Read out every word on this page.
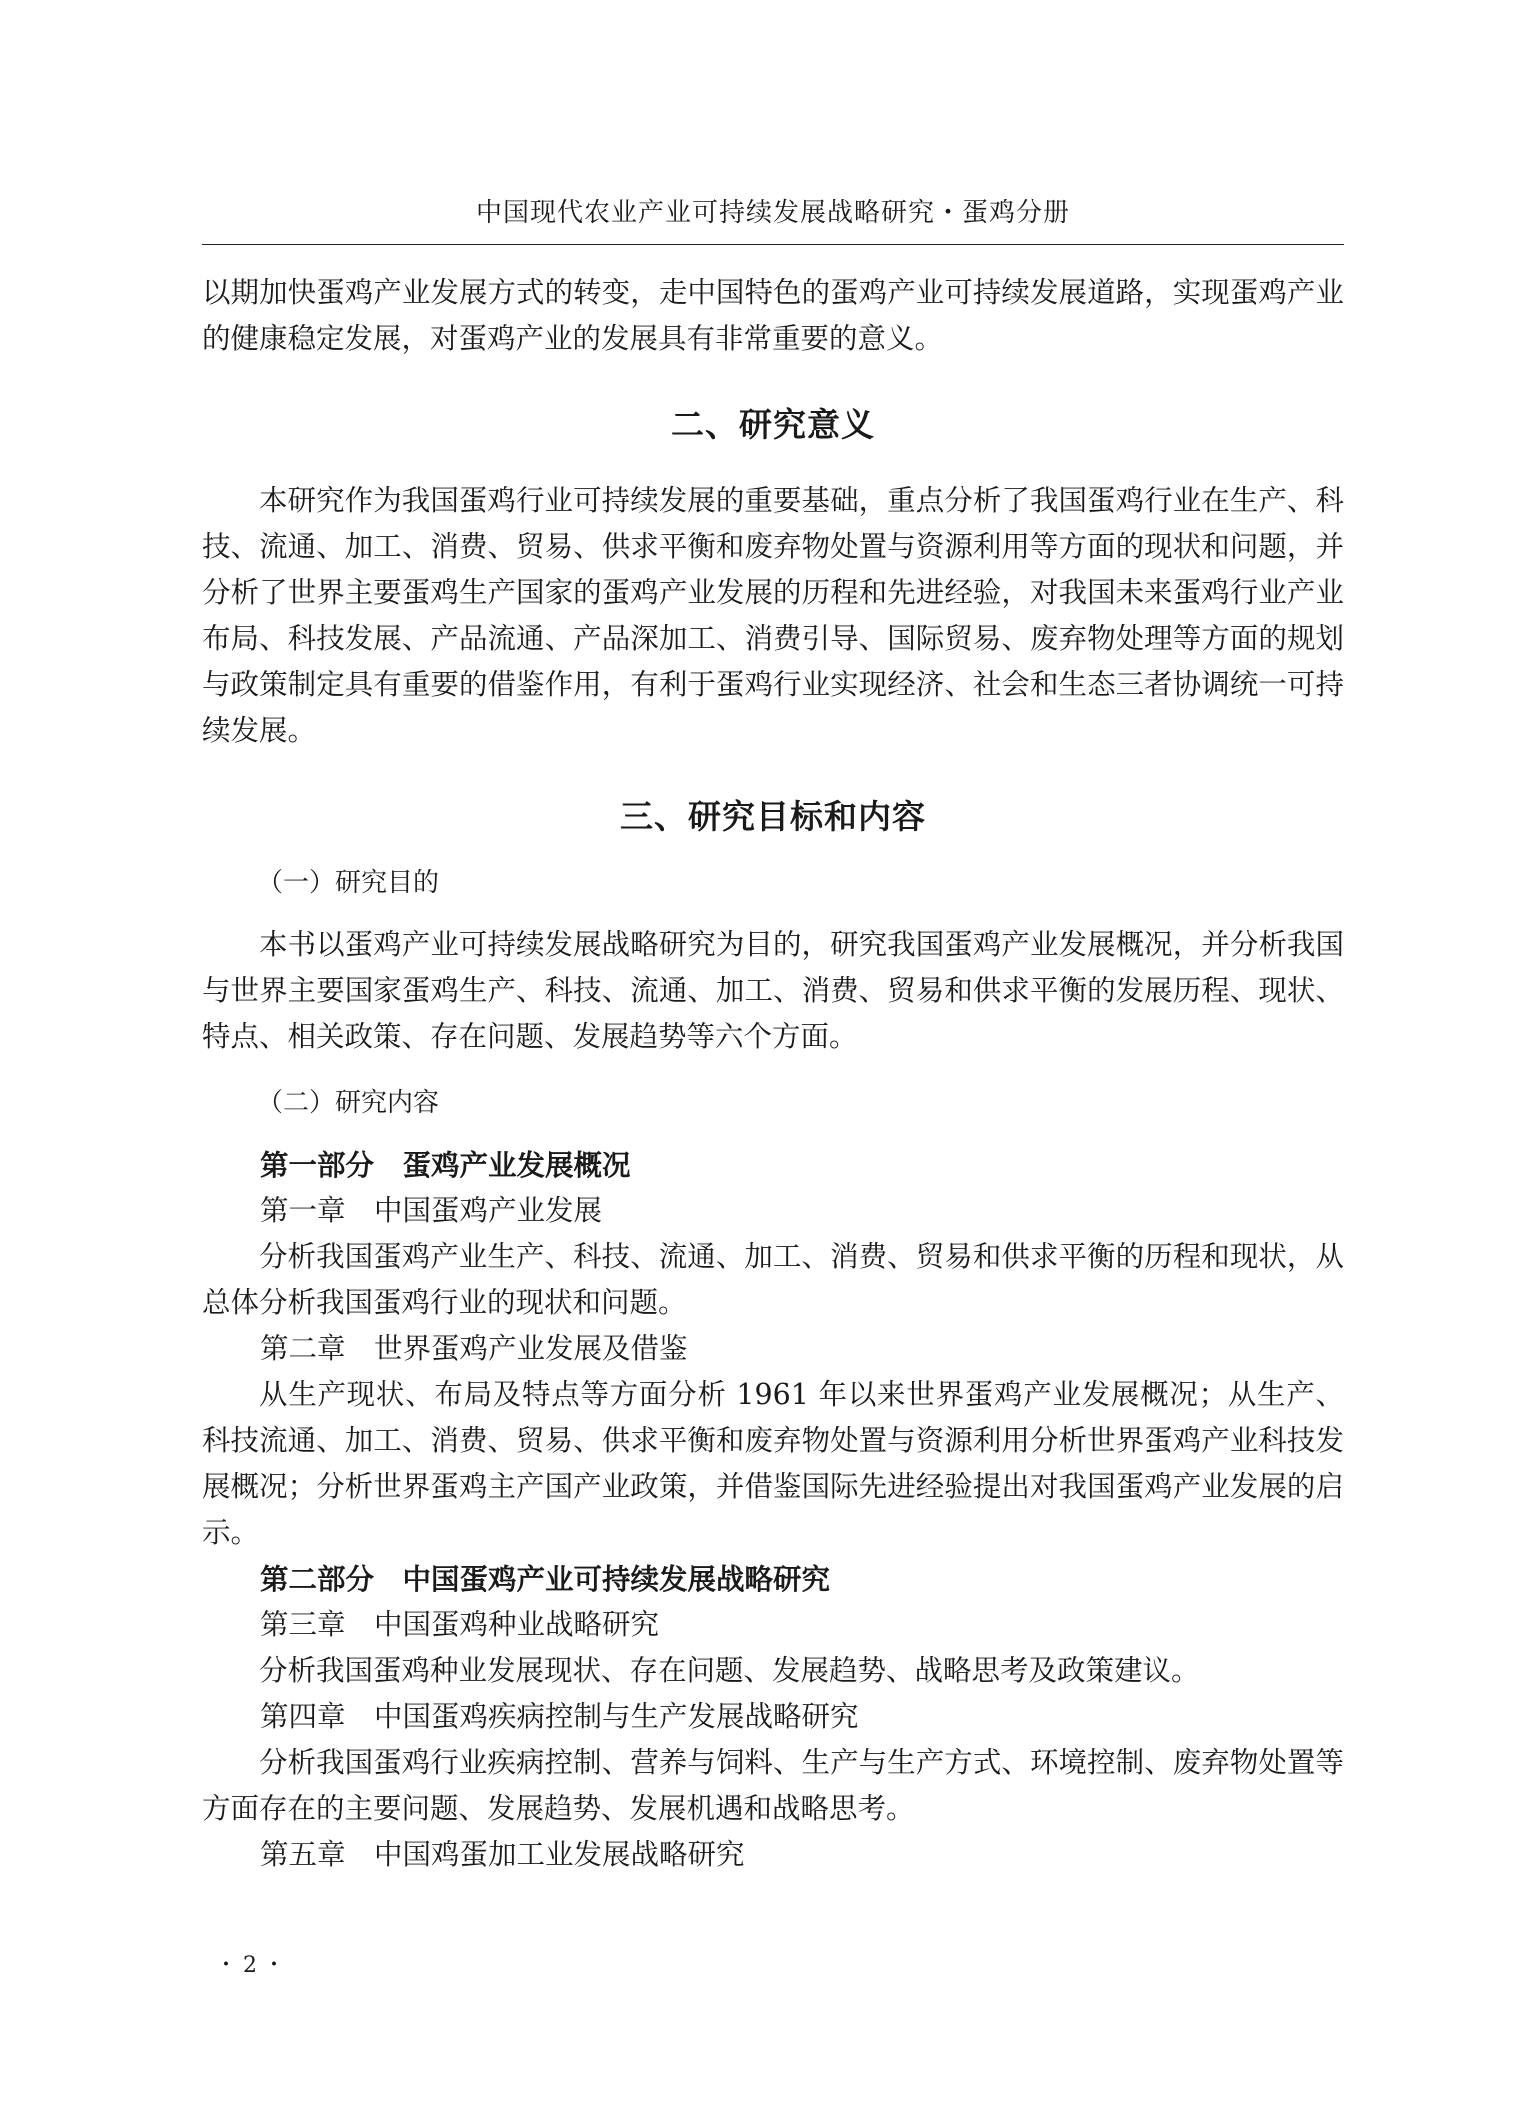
中国现代农业产业可持续发展战略研究・蛋鸡分册

以期加快蛋鸡产业发展方式的转变，走中国特色的蛋鸡产业可持续发展道路，实现蛋鸡产业的健康稳定发展，对蛋鸡产业的发展具有非常重要的意义。

二、研究意义

本研究作为我国蛋鸡行业可持续发展的重要基础，重点分析了我国蛋鸡行业在生产、科技、流通、加工、消费、贸易、供求平衡和废弃物处置与资源利用等方面的现状和问题，并分析了世界主要蛋鸡生产国家的蛋鸡产业发展的历程和先进经验，对我国未来蛋鸡行业产业布局、科技发展、产品流通、产品深加工、消费引导、国际贸易、废弃物处理等方面的规划与政策制定具有重要的借鉴作用，有利于蛋鸡行业实现经济、社会和生态三者协调统一可持续发展。

三、研究目标和内容
（一）研究目的

本书以蛋鸡产业可持续发展战略研究为目的，研究我国蛋鸡产业发展概况，并分析我国与世界主要国家蛋鸡生产、科技、流通、加工、消费、贸易和供求平衡的发展历程、现状、特点、相关政策、存在问题、发展趋势等六个方面。

（二）研究内容

第一部分　蛋鸡产业发展概况

第一章　中国蛋鸡产业发展

分析我国蛋鸡产业生产、科技、流通、加工、消费、贸易和供求平衡的历程和现状，从总体分析我国蛋鸡行业的现状和问题。

第二章　世界蛋鸡产业发展及借鉴

从生产现状、布局及特点等方面分析 1961 年以来世界蛋鸡产业发展概况；从生产、科技流通、加工、消费、贸易、供求平衡和废弃物处置与资源利用分析世界蛋鸡产业科技发展概况；分析世界蛋鸡主产国产业政策，并借鉴国际先进经验提出对我国蛋鸡产业发展的启示。

第二部分　中国蛋鸡产业可持续发展战略研究

第三章　中国蛋鸡种业战略研究

分析我国蛋鸡种业发展现状、存在问题、发展趋势、战略思考及政策建议。

第四章　中国蛋鸡疾病控制与生产发展战略研究

分析我国蛋鸡行业疾病控制、营养与饲料、生产与生产方式、环境控制、废弃物处置等方面存在的主要问题、发展趋势、发展机遇和战略思考。

第五章　中国鸡蛋加工业发展战略研究

・2・
